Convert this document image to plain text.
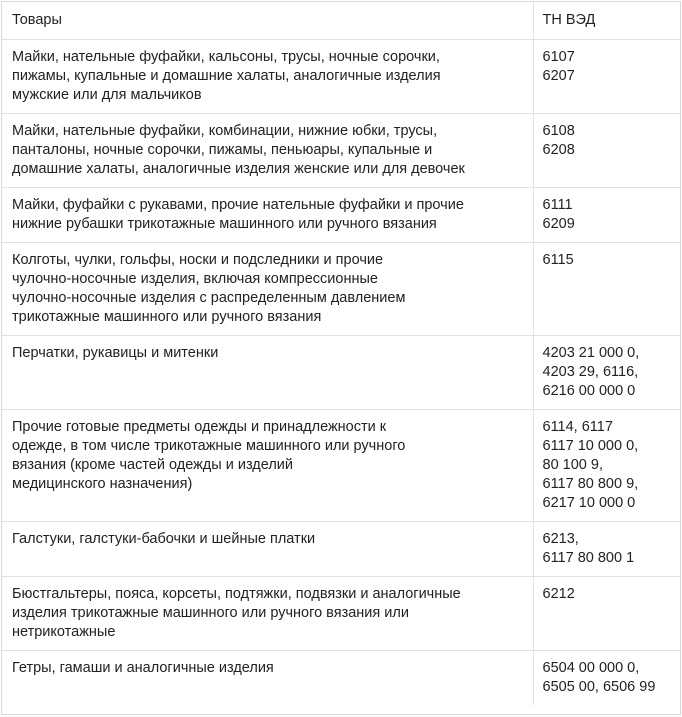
Товары	ТН ВЭД
Майки, нательные фуфайки, кальсоны, трусы, ночные сорочки,
пижамы, купальные и домашние халаты, аналогичные изделия
мужские или для мальчиков	6107
6207
Майки, нательные фуфайки, комбинации, нижние юбки, трусы,
панталоны, ночные сорочки, пижамы, пеньюары, купальные и
домашние халаты, аналогичные изделия женские или для девочек	6108
6208
Майки, фуфайки с рукавами, прочие нательные фуфайки и прочие
нижние рубашки трикотажные машинного или ручного вязания	6111
6209
Колготы, чулки, гольфы, носки и подследники и прочие
чулочно-носочные изделия, включая компрессионные
чулочно-носочные изделия с распределенным давлением
трикотажные машинного или ручного вязания	6115
Перчатки, рукавицы и митенки	4203 21 000 0,
4203 29, 6116,
6216 00 000 0
Прочие готовые предметы одежды и принадлежности к
одежде, в том числе трикотажные машинного или ручного
вязания (кроме частей одежды и изделий
медицинского назначения)	6114, 6117
6117 10 000 0,
80 100 9,
6117 80 800 9,
6217 10 000 0
Галстуки, галстуки-бабочки и шейные платки	6213,
6117 80 800 1
Бюстгальтеры, пояса, корсеты, подтяжки, подвязки и аналогичные
изделия трикотажные машинного или ручного вязания или
нетрикотажные	6212
Гетры, гамаши и аналогичные изделия	6504 00 000 0,
6505 00, 6506 99
